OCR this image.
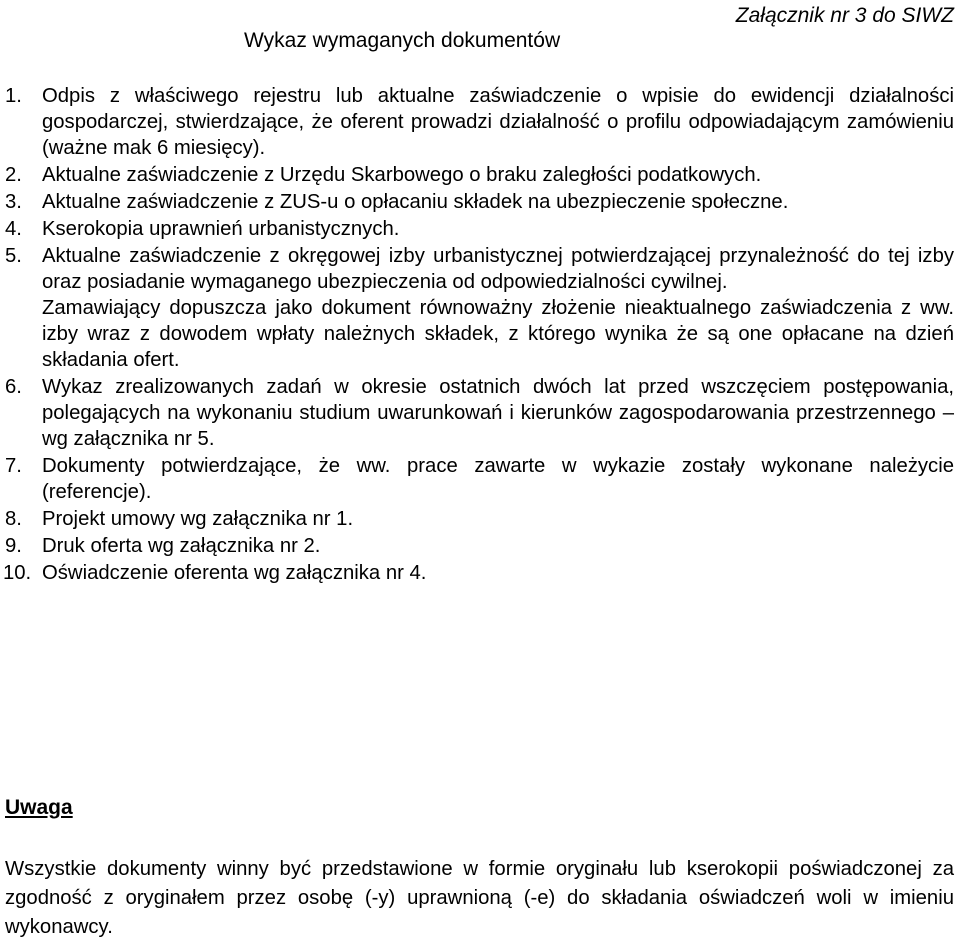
Załącznik nr 3 do SIWZ

Wykaz wymaganych dokumentów
1. Odpis z właściwego rejestru lub aktualne zaświadczenie o wpisie do ewidencji działalności gospodarczej, stwierdzające, że oferent prowadzi działalność o profilu odpowiadającym zamówieniu (ważne mak 6 miesięcy).
2. Aktualne zaświadczenie z Urzędu Skarbowego o braku zaległości podatkowych.
3. Aktualne zaświadczenie z ZUS-u o opłacaniu składek na ubezpieczenie społeczne.
4. Kserokopia uprawnień urbanistycznych.
5. Aktualne zaświadczenie z okręgowej izby urbanistycznej potwierdzającej przynależność do tej izby oraz posiadanie wymaganego ubezpieczenia od odpowiedzialności cywilnej.
Zamawiający dopuszcza jako dokument równoważny złożenie nieaktualnego zaświadczenia z ww. izby wraz z dowodem wpłaty należnych składek, z którego wynika że są one opłacane na dzień składania ofert.
6. Wykaz zrealizowanych zadań w okresie ostatnich dwóch lat przed wszczęciem postępowania, polegających na wykonaniu studium uwarunkowań i kierunków zagospodarowania przestrzennego – wg załącznika nr 5.
7. Dokumenty potwierdzające, że ww. prace zawarte w wykazie zostały wykonane należycie (referencje).
8. Projekt umowy wg załącznika nr 1.
9. Druk oferta wg załącznika nr 2.
10. Oświadczenie oferenta wg załącznika nr 4.

Uwaga

Wszystkie dokumenty winny być przedstawione w formie oryginału lub kserokopii poświadczonej za zgodność z oryginałem przez osobę (-y) uprawnioną (-e) do składania oświadczeń woli w imieniu wykonawcy.
